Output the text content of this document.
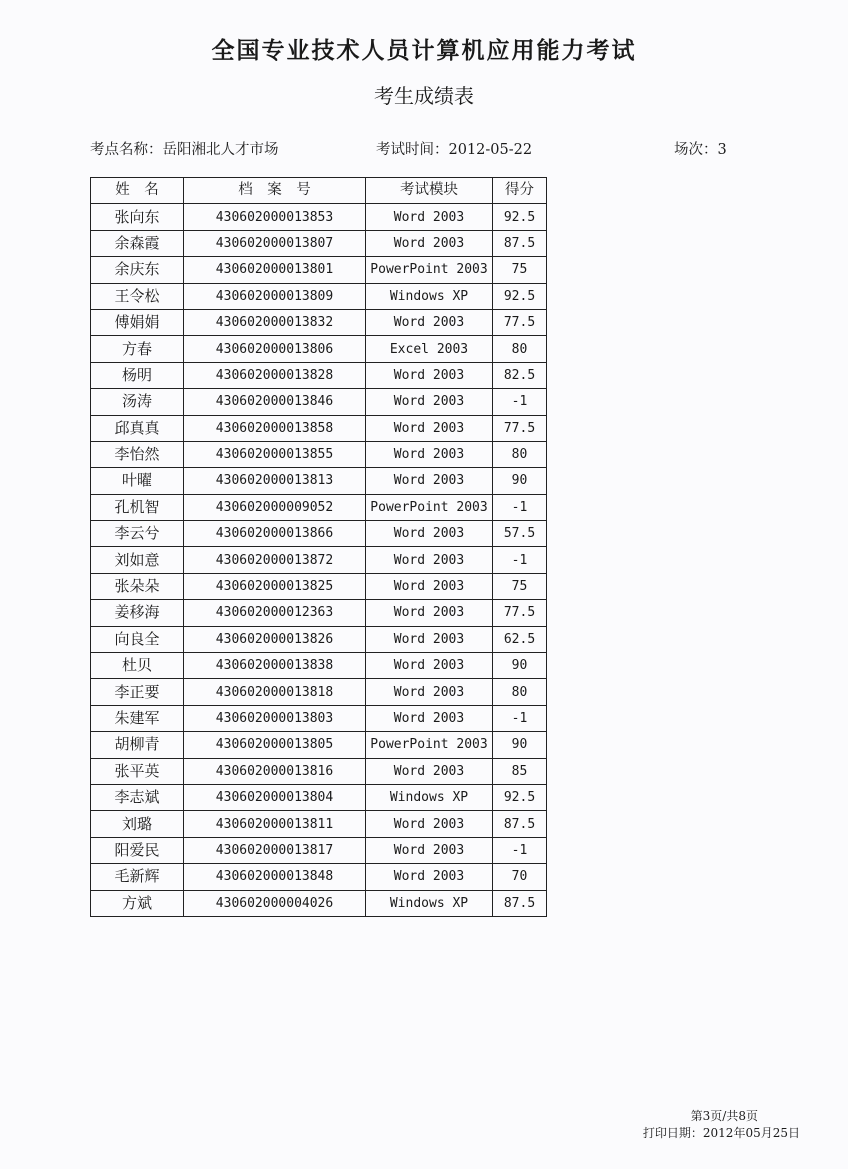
全国专业技术人员计算机应用能力考试
考生成绩表
考点名称：岳阳湘北人才市场	考试时间：2012-05-22	场次：3
姓　名	档　案　号	考试模块	得分
张向东	430602000013853	Word 2003	92.5
余森霞	430602000013807	Word 2003	87.5
余庆东	430602000013801	PowerPoint 2003	75
王令松	430602000013809	Windows XP	92.5
傅娟娟	430602000013832	Word 2003	77.5
方春	430602000013806	Excel 2003	80
杨明	430602000013828	Word 2003	82.5
汤涛	430602000013846	Word 2003	-1
邱真真	430602000013858	Word 2003	77.5
李怡然	430602000013855	Word 2003	80
叶曜	430602000013813	Word 2003	90
孔机智	430602000009052	PowerPoint 2003	-1
李云兮	430602000013866	Word 2003	57.5
刘如意	430602000013872	Word 2003	-1
张朵朵	430602000013825	Word 2003	75
姜移海	430602000012363	Word 2003	77.5
向良全	430602000013826	Word 2003	62.5
杜贝	430602000013838	Word 2003	90
李正要	430602000013818	Word 2003	80
朱建军	430602000013803	Word 2003	-1
胡柳青	430602000013805	PowerPoint 2003	90
张平英	430602000013816	Word 2003	85
李志斌	430602000013804	Windows XP	92.5
刘璐	430602000013811	Word 2003	87.5
阳爱民	430602000013817	Word 2003	-1
毛新辉	430602000013848	Word 2003	70
方斌	430602000004026	Windows XP	87.5
第3页/共8页
打印日期：2012年05月25日
